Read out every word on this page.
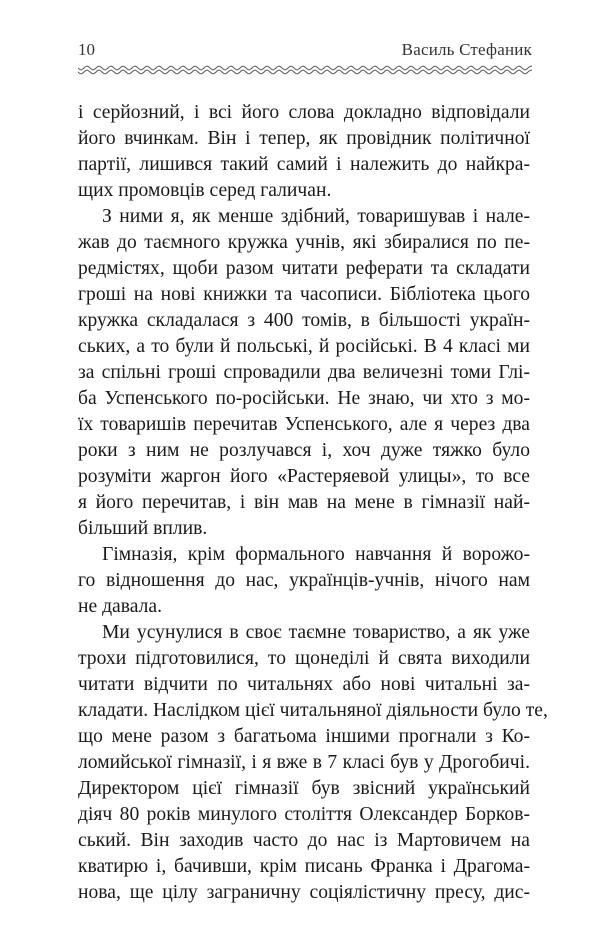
10	Василь Стефаник
і серйозний, і всі його слова докладно відповідали
його вчинкам. Він і тепер, як провідник політичної
партії, лишився такий самий і належить до найкра-
щих промовців серед галичан.
З ними я, як менше здібний, товаришував і нале-
жав до таємного кружка учнів, які збиралися по пе-
редмістях, щоби разом читати реферати та складати
гроші на нові книжки та часописи. Бібліотека цього
кружка складалася з 400 томів, в більшості україн-
ських, а то були й польські, й російські. В 4 класі ми
за спільні гроші спровадили два величезні томи Глі-
ба Успенського по-російськи. Не знаю, чи хто з мо-
їх товаришів перечитав Успенського, але я через два
роки з ним не розлучався і, хоч дуже тяжко було
розуміти жаргон його «Растеряевой улицы», то все
я його перечитав, і він мав на мене в гімназії най-
більший вплив.
Гімназія, крім формального навчання й ворожо-
го відношення до нас, українців-учнів, нічого нам
не давала.
Ми усунулися в своє таємне товариство, а як уже
трохи підготовилися, то щонеділі й свята виходили
читати відчити по читальнях або нові читальні за-
кладати. Наслідком цієї читальняної діяльности було те,
що мене разом з багатьома іншими прогнали з Ко-
ломийської гімназії, і я вже в 7 класі був у Дрогобичі.
Директором цієї гімназії був звісний український
діяч 80 років минулого століття Олександер Борков-
ський. Він заходив часто до нас із Мартовичем на
кватирю і, бачивши, крім писань Франка і Драгома-
нова, ще цілу заграничну соціялістичну пресу, дис-
